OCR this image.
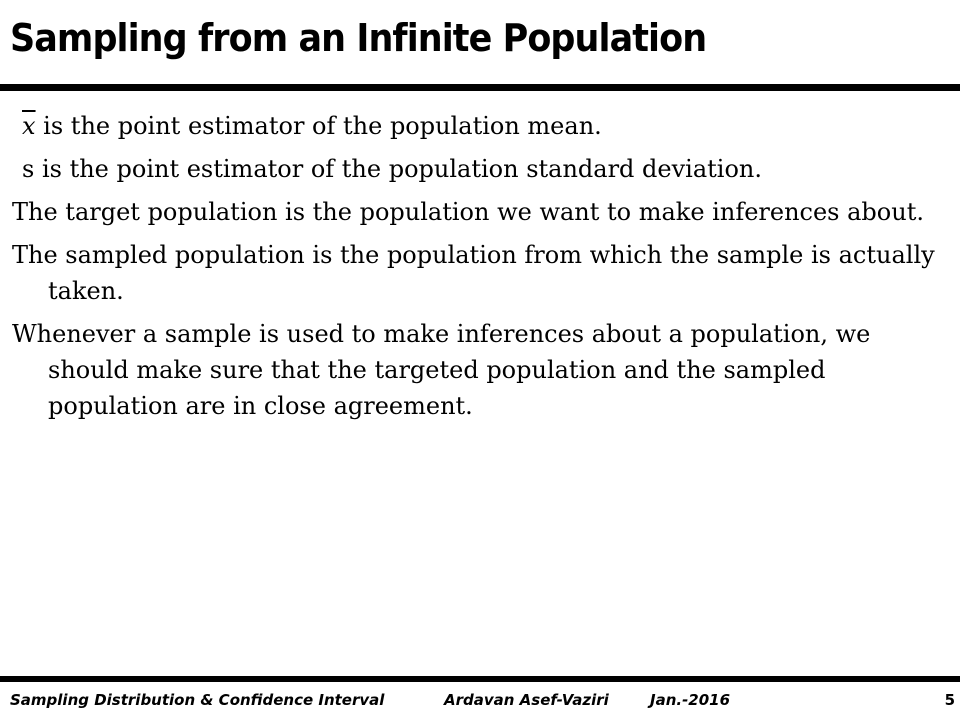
Sampling from an Infinite Population

$\overline{x}$ is the point estimator of the population mean.

s is the point estimator of the population standard deviation.

The target population is the population we want to make inferences about.

The sampled population is the population from which the sample is actually taken.

Whenever a sample is used to make inferences about a population, we should make sure that the targeted population and the sampled population are in close agreement.

Sampling Distribution & Confidence Interval	Ardavan Asef-Vaziri	Jan.-2016	5
